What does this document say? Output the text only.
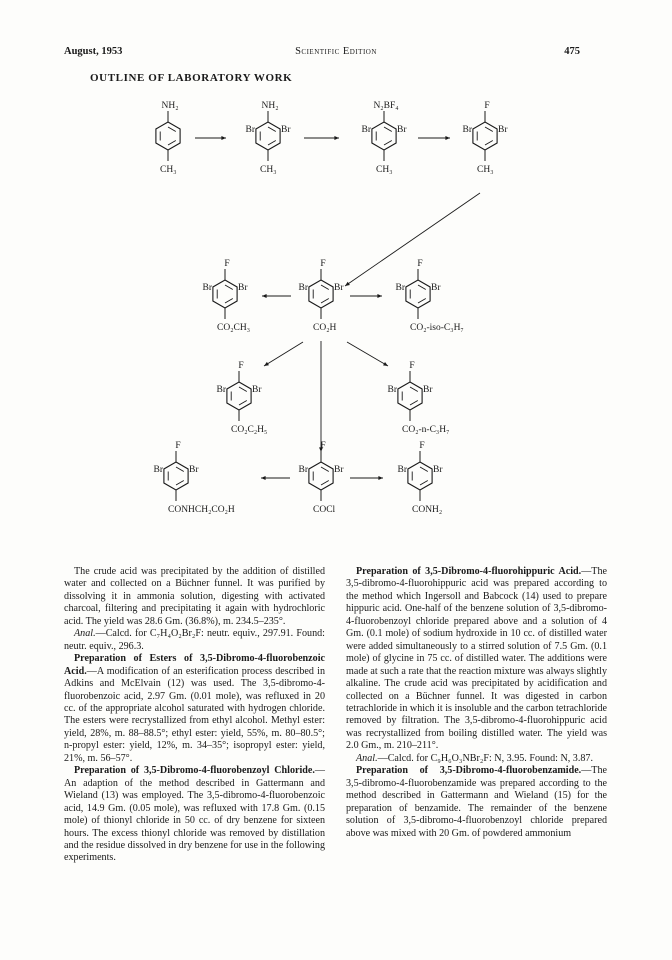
August, 1953	Scientific Edition	475
OUTLINE OF LABORATORY WORK
NH₂
CH₃
NH₂
CH₃
Br	Br
N₂BF₄
CH₃
Br	Br
F
CH₃
Br	Br
F
CO₂CH₃
Br	Br
F
CO₂H
Br	Br
F
CO₂-iso-C₃H₇
Br	Br
F
CO₂C₂H₅
Br	Br
F
CO₂-n-C₃H₇
Br	Br
F
CONHCH₂CO₂H
Br	Br
F
COCl
Br	Br
F
CONH₂
Br	Br

The crude acid was precipitated by the addition of distilled water and collected on a Büchner funnel. It was purified by dissolving it in ammonia solution, digesting with activated charcoal, filtering and precipitating it again with hydrochloric acid. The yield was 28.6 Gm. (36.8%), m. 234.5–235°.

Anal.—Calcd. for C₇H₄O₂Br₂F: neutr. equiv., 297.91. Found: neutr. equiv., 296.3.

Preparation of Esters of 3,5-Dibromo-4-fluorobenzoic Acid.—A modification of an esterification process described in Adkins and McElvain (12) was used. The 3,5-dibromo-4-fluorobenzoic acid, 2.97 Gm. (0.01 mole), was refluxed in 20 cc. of the appropriate alcohol saturated with hydrogen chloride. The esters were recrystallized from ethyl alcohol. Methyl ester: yield, 28%, m. 88–88.5°; ethyl ester: yield, 55%, m. 80–80.5°; n-propyl ester: yield, 12%, m. 34–35°; isopropyl ester: yield, 21%, m. 56–57°.

Preparation of 3,5-Dibromo-4-fluorobenzoyl Chloride.—An adaption of the method described in Gattermann and Wieland (13) was employed. The 3,5-dibromo-4-fluorobenzoic acid, 14.9 Gm. (0.05 mole), was refluxed with 17.8 Gm. (0.15 mole) of thionyl chloride in 50 cc. of dry benzene for sixteen hours. The excess thionyl chloride was removed by distillation and the residue dissolved in dry benzene for use in the following experiments.

Preparation of 3,5-Dibromo-4-fluorohippuric Acid.—The 3,5-dibromo-4-fluorohippuric acid was prepared according to the method which Ingersoll and Babcock (14) used to prepare hippuric acid. One-half of the benzene solution of 3,5-dibromo-4-fluorobenzoyl chloride prepared above and a solution of 4 Gm. (0.1 mole) of sodium hydroxide in 10 cc. of distilled water were added simultaneously to a stirred solution of 7.5 Gm. (0.1 mole) of glycine in 75 cc. of distilled water. The additions were made at such a rate that the reaction mixture was always slightly alkaline. The crude acid was precipitated by acidification and collected on a Büchner funnel. It was digested in carbon tetrachloride in which it is insoluble and the carbon tetrachloride removed by filtration. The 3,5-dibromo-4-fluorohippuric acid was recrystallized from boiling distilled water. The yield was 2.0 Gm., m. 210–211°.

Anal.—Calcd. for C₉H₆O₃NBr₂F: N, 3.95. Found: N, 3.87.

Preparation of 3,5-Dibromo-4-fluorobenzamide.—The 3,5-dibromo-4-fluorobenzamide was prepared according to the method described in Gattermann and Wieland (15) for the preparation of benzamide. The remainder of the benzene solution of 3,5-dibromo-4-fluorobenzoyl chloride prepared above was mixed with 20 Gm. of powdered ammonium
